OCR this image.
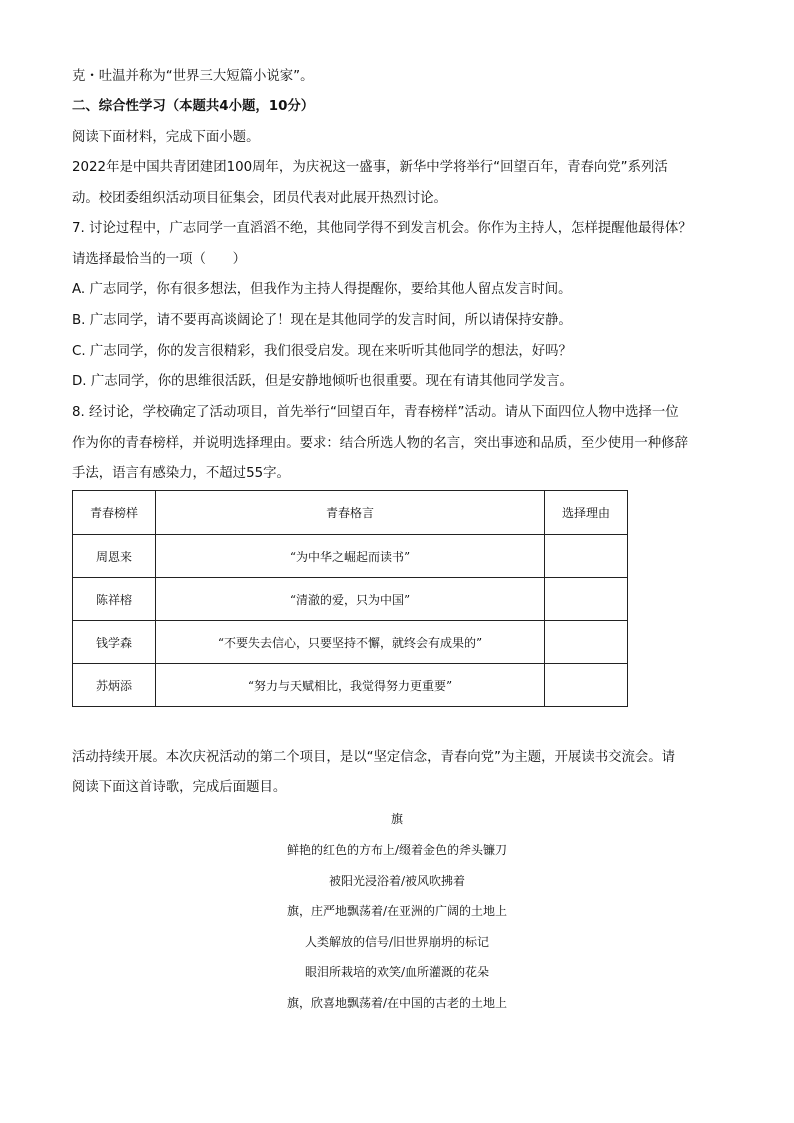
克・吐温并称为“世界三大短篇小说家”。
二、综合性学习（本题共4小题，10分）
阅读下面材料，完成下面小题。
2022年是中国共青团建团100周年，为庆祝这一盛事，新华中学将举行“回望百年，青春向党”系列活
动。校团委组织活动项目征集会，团员代表对此展开热烈讨论。
7. 讨论过程中，广志同学一直滔滔不绝，其他同学得不到发言机会。你作为主持人，怎样提醒他最得体？
请选择最恰当的一项（　　）
A. 广志同学，你有很多想法，但我作为主持人得提醒你，要给其他人留点发言时间。
B. 广志同学，请不要再高谈阔论了！现在是其他同学的发言时间，所以请保持安静。
C. 广志同学，你的发言很精彩，我们很受启发。现在来听听其他同学的想法，好吗？
D. 广志同学，你的思维很活跃，但是安静地倾听也很重要。现在有请其他同学发言。
8. 经讨论，学校确定了活动项目，首先举行“回望百年，青春榜样”活动。请从下面四位人物中选择一位
作为你的青春榜样，并说明选择理由。要求：结合所选人物的名言，突出事迹和品质，至少使用一种修辞
手法，语言有感染力，不超过55字。
青春榜样	青春格言	选择理由
周恩来	“为中华之崛起而读书”	
陈祥榕	“清澈的爱，只为中国”	
钱学森	“不要失去信心，只要坚持不懈，就终会有成果的”	
苏炳添	“努力与天赋相比，我觉得努力更重要”	
活动持续开展。本次庆祝活动的第二个项目，是以“坚定信念，青春向党”为主题，开展读书交流会。请
阅读下面这首诗歌，完成后面题目。
旗
鲜艳的红色的方布上/缀着金色的斧头镰刀
被阳光浸浴着/被风吹拂着
旗，庄严地飘荡着/在亚洲的广阔的土地上
人类解放的信号/旧世界崩坍的标记
眼泪所栽培的欢笑/血所灌溉的花朵
旗，欣喜地飘荡着/在中国的古老的土地上
